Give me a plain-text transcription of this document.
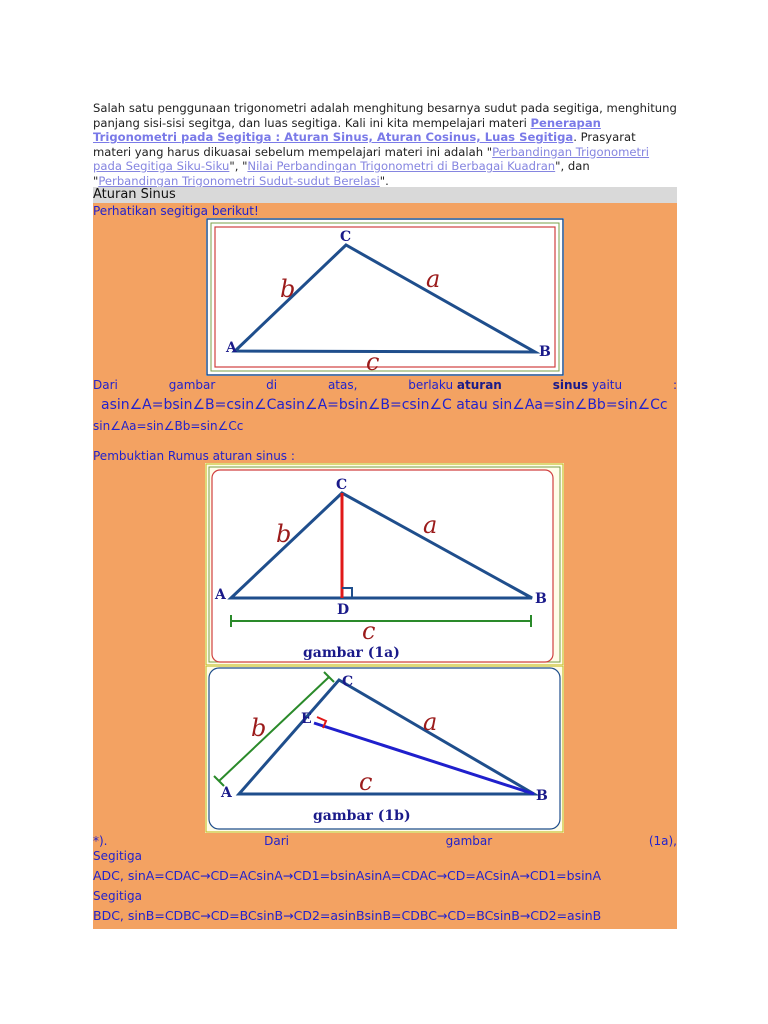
Salah satu penggunaan trigonometri adalah menghitung besarnya sudut pada segitiga, menghitung panjang sisi-sisi segitga, dan luas segitiga. Kali ini kita mempelajari materi Penerapan Trigonometri pada Segitiga : Aturan Sinus, Aturan Cosinus, Luas Segitiga. Prasyarat materi yang harus dikuasai sebelum mempelajari materi ini adalah "Perbandingan Trigonometri pada Segitiga Siku-Siku", "Nilai Perbandingan Trigonometri di Berbagai Kuadran", dan "Perbandingan Trigonometri Sudut-sudut Berelasi".
Aturan Sinus
Perhatikan segitiga berikut!
A	B
C
a
b
c
Dari	gambar	di	atas,	berlaku aturan	sinus yaitu	:
asin∠A=bsin∠B=csin∠Casin∠A=bsin∠B=csin∠C atau sin∠Aa=sin∠Bb=sin∠Cc
sin∠Aa=sin∠Bb=sin∠Cc
Pembuktian Rumus aturan sinus :
A	B
C
D
a
b
c
gambar (1a)
A	B
C
E	a
b
c
gambar (1b)
*).	Dari	gambar	(1a),
Segitiga
ADC, sinA=CDAC→CD=ACsinA→CD1=bsinAsinA=CDAC→CD=ACsinA→CD1=bsinA
Segitiga
BDC, sinB=CDBC→CD=BCsinB→CD2=asinBsinB=CDBC→CD=BCsinB→CD2=asinB
